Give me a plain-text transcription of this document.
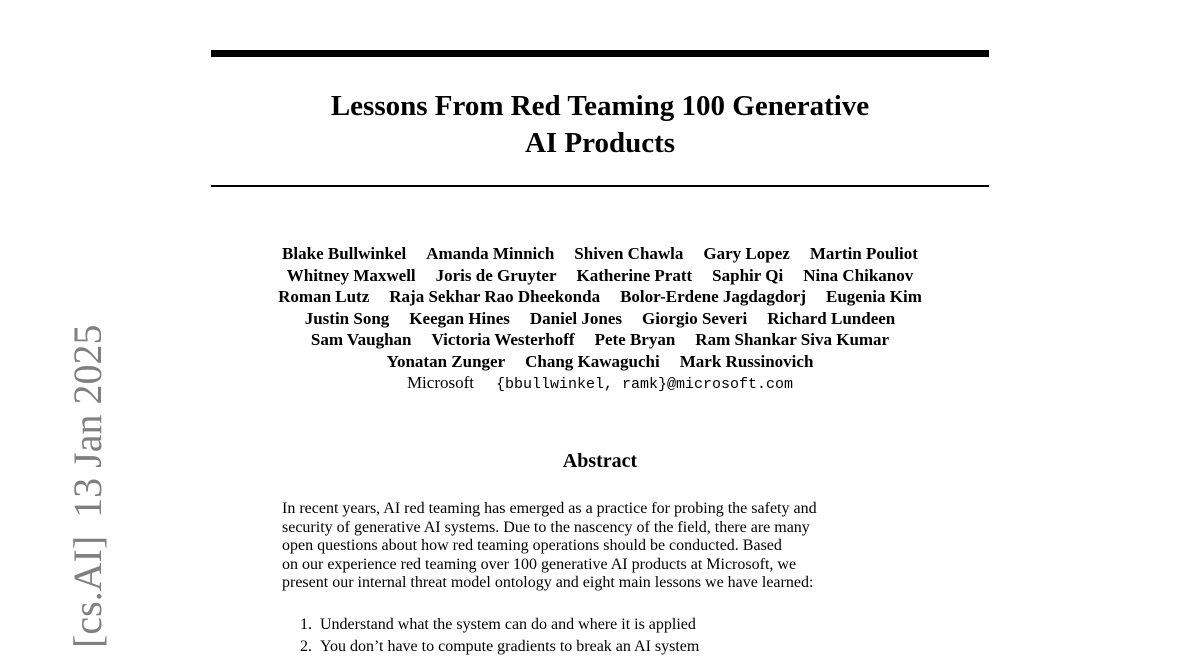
Lessons From Red Teaming 100 Generative
AI Products
Blake Bullwinkel Amanda Minnich Shiven Chawla Gary Lopez Martin Pouliot
Whitney Maxwell Joris de Gruyter Katherine Pratt Saphir Qi Nina Chikanov
Roman Lutz Raja Sekhar Rao Dheekonda Bolor-Erdene Jagdagdorj Eugenia Kim
Justin Song Keegan Hines Daniel Jones Giorgio Severi Richard Lundeen
Sam Vaughan Victoria Westerhoff Pete Bryan Ram Shankar Siva Kumar
Yonatan Zunger Chang Kawaguchi Mark Russinovich
Microsoft {bbullwinkel, ramk}@microsoft.com
Abstract
In recent years, AI red teaming has emerged as a practice for probing the safety and
security of generative AI systems. Due to the nascency of the field, there are many
open questions about how red teaming operations should be conducted. Based
on our experience red teaming over 100 generative AI products at Microsoft, we
present our internal threat model ontology and eight main lessons we have learned:
1. Understand what the system can do and where it is applied
2. You don’t have to compute gradients to break an AI system
[cs.AI]13 Jan 2025
